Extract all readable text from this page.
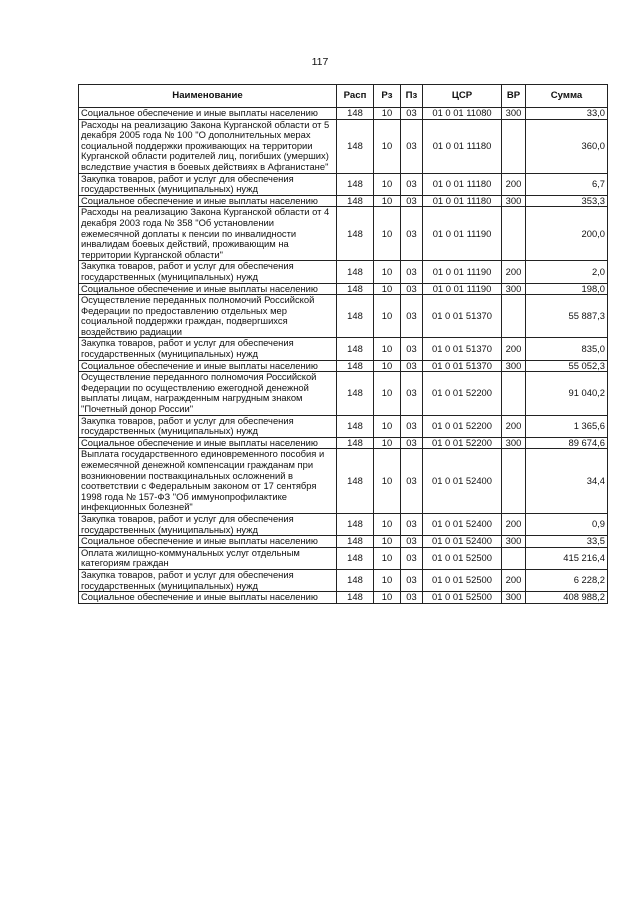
117
Наименование	Расп	Рз	Пз	ЦСР	ВР	Сумма
Социальное обеспечение и иные выплаты населению	148	10	03	01 0 01 11080	300	33,0
Расходы на реализацию Закона Курганской области от 5 декабря 2005 года № 100 "О дополнительных мерах социальной поддержки проживающих на территории Курганской области родителей лиц, погибших (умерших) вследствие участия в боевых действиях в Афганистане"	148	10	03	01 0 01 11180		360,0
Закупка товаров, работ и услуг для обеспечения государственных (муниципальных) нужд	148	10	03	01 0 01 11180	200	6,7
Социальное обеспечение и иные выплаты населению	148	10	03	01 0 01 11180	300	353,3
Расходы на реализацию Закона Курганской области от 4 декабря 2003 года № 358 "Об установлении ежемесячной доплаты к пенсии по инвалидности инвалидам боевых действий, проживающим на территории Курганской области"	148	10	03	01 0 01 11190		200,0
Закупка товаров, работ и услуг для обеспечения государственных (муниципальных) нужд	148	10	03	01 0 01 11190	200	2,0
Социальное обеспечение и иные выплаты населению	148	10	03	01 0 01 11190	300	198,0
Осуществление переданных полномочий Российской Федерации по предоставлению отдельных мер социальной поддержки граждан, подвергшихся воздействию радиации	148	10	03	01 0 01 51370		55 887,3
Закупка товаров, работ и услуг для обеспечения государственных (муниципальных) нужд	148	10	03	01 0 01 51370	200	835,0
Социальное обеспечение и иные выплаты населению	148	10	03	01 0 01 51370	300	55 052,3
Осуществление переданного полномочия Российской Федерации по осуществлению ежегодной денежной выплаты лицам, награжденным нагрудным знаком "Почетный донор России"	148	10	03	01 0 01 52200		91 040,2
Закупка товаров, работ и услуг для обеспечения государственных (муниципальных) нужд	148	10	03	01 0 01 52200	200	1 365,6
Социальное обеспечение и иные выплаты населению	148	10	03	01 0 01 52200	300	89 674,6
Выплата государственного единовременного пособия и ежемесячной денежной компенсации гражданам при возникновении поствакцинальных осложнений в соответствии с Федеральным законом от 17 сентября 1998 года № 157-ФЗ "Об иммунопрофилактике инфекционных болезней"	148	10	03	01 0 01 52400		34,4
Закупка товаров, работ и услуг для обеспечения государственных (муниципальных) нужд	148	10	03	01 0 01 52400	200	0,9
Социальное обеспечение и иные выплаты населению	148	10	03	01 0 01 52400	300	33,5
Оплата жилищно-коммунальных услуг отдельным категориям граждан	148	10	03	01 0 01 52500		415 216,4
Закупка товаров, работ и услуг для обеспечения государственных (муниципальных) нужд	148	10	03	01 0 01 52500	200	6 228,2
Социальное обеспечение и иные выплаты населению	148	10	03	01 0 01 52500	300	408 988,2
